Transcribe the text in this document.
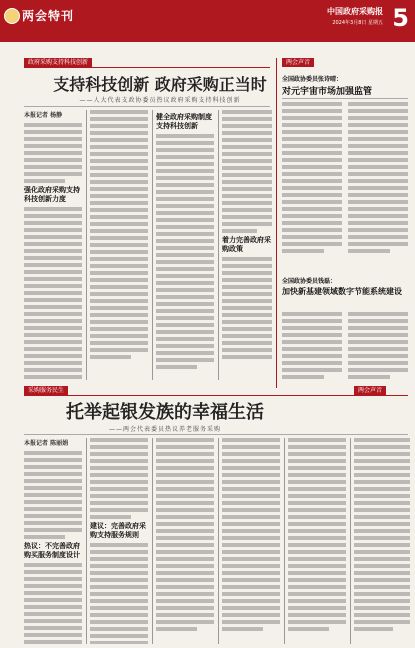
两会特刊	中国政府采购报
2024年3月8日 星期五 5
政府采购支持科技创新
支持科技创新 政府采购正当时
——人大代表支政协委员热议政府采购支持科技创新
本报记者 杨静
强化政府采购支持科技创新力度
健全政府采购制度支持科技创新
着力完善政府采购政策
两会声音
全国政协委员张诗晴：
对元宇宙市场加强监管
全国政协委员钱磊：
加快新基建领域数字节能系统建设
采购服务民生
托举起银发族的幸福生活
——两会代表委员热议养老服务采购
本报记者 陈丽娟
热议：不完善政府购买服务制度设计
建议：完善政府采购支持服务规则
两会声音
